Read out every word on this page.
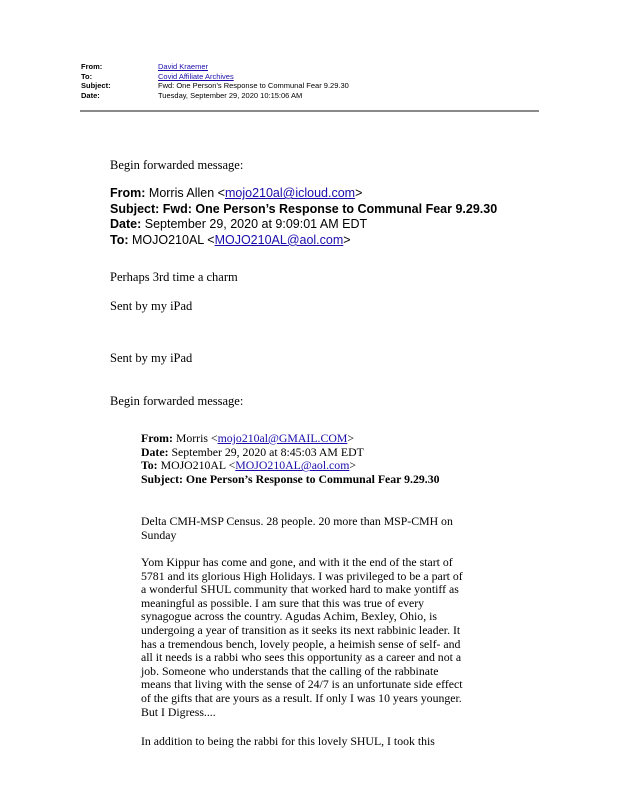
From:	David Kraemer
To:	Covid Affiliate Archives
Subject:	Fwd: One Person’s Response to Communal Fear 9.29.30
Date:	Tuesday, September 29, 2020 10:15:06 AM
Begin forwarded message:
From: Morris Allen <mojo210al@icloud.com>
Subject: Fwd: One Person’s Response to Communal Fear 9.29.30
Date: September 29, 2020 at 9:09:01 AM EDT
To: MOJO210AL <MOJO210AL@aol.com>
Perhaps 3rd time a charm
Sent by my iPad
Sent by my iPad
Begin forwarded message:
From: Morris <mojo210al@GMAIL.COM>
Date: September 29, 2020 at 8:45:03 AM EDT
To: MOJO210AL <MOJO210AL@aol.com>
Subject: One Person’s Response to Communal Fear 9.29.30
Delta CMH-MSP Census. 28 people. 20 more than MSP-CMH on
Sunday
Yom Kippur has come and gone, and with it the end of the start of
5781 and its glorious High Holidays. I was privileged to be a part of
a wonderful SHUL community that worked hard to make yontiff as
meaningful as possible. I am sure that this was true of every
synagogue across the country. Agudas Achim, Bexley, Ohio, is
undergoing a year of transition as it seeks its next rabbinic leader. It
has a tremendous bench, lovely people, a heimish sense of self- and
all it needs is a rabbi who sees this opportunity as a career and not a
job. Someone who understands that the calling of the rabbinate
means that living with the sense of 24/7 is an unfortunate side effect
of the gifts that are yours as a result. If only I was 10 years younger.
But I Digress....
In addition to being the rabbi for this lovely SHUL, I took this
